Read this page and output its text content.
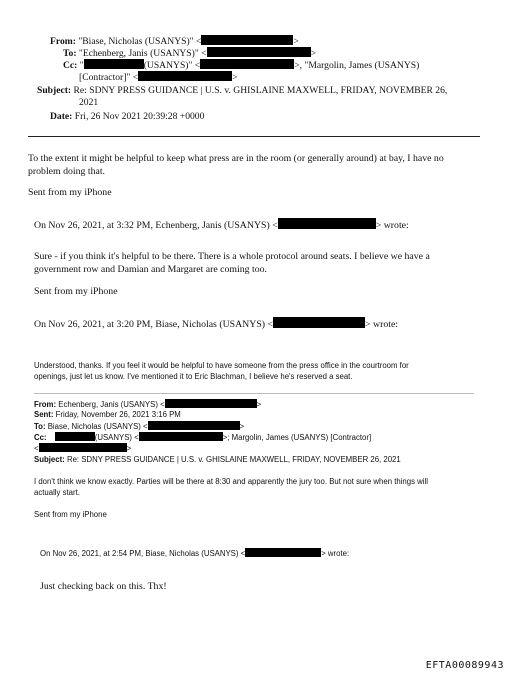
From: "Biase, Nicholas (USANYS)" <	>
To: "Echenberg, Janis (USANYS)" <	>
Cc: "	(USANYS)" <	>, "Margolin, James (USANYS)
[Contractor]" <	>
Subject: Re: SDNY PRESS GUIDANCE | U.S. v. GHISLAINE MAXWELL, FRIDAY, NOVEMBER 26,
2021
Date: Fri, 26 Nov 2021 20:39:28 +0000
To the extent it might be helpful to keep what press are in the room (or generally around) at bay, I have no
problem doing that.
Sent from my iPhone
On Nov 26, 2021, at 3:32 PM, Echenberg, Janis (USANYS) <	> wrote:
Sure - if you think it's helpful to be there. There is a whole protocol around seats. I believe we have a
government row and Damian and Margaret are coming too.
Sent from my iPhone
On Nov 26, 2021, at 3:20 PM, Biase, Nicholas (USANYS) <	> wrote:
Understood, thanks. If you feel it would be helpful to have someone from the press office in the courtroom for
openings, just let us know. I've mentioned it to Eric Blachman, I believe he's reserved a seat.
From: Echenberg, Janis (USANYS) <	>
Sent: Friday, November 26, 2021 3:16 PM
To: Biase, Nicholas (USANYS) <	>
Cc:	(USANYS) <	>; Margolin, James (USANYS) [Contractor]
<	>
Subject: Re: SDNY PRESS GUIDANCE | U.S. v. GHISLAINE MAXWELL, FRIDAY, NOVEMBER 26, 2021
I don't think we know exactly. Parties will be there at 8:30 and apparently the jury too. But not sure when things will
actually start.
Sent from my iPhone
On Nov 26, 2021, at 2:54 PM, Biase, Nicholas (USANYS) <	> wrote:
Just checking back on this. Thx!
EFTA00089943
